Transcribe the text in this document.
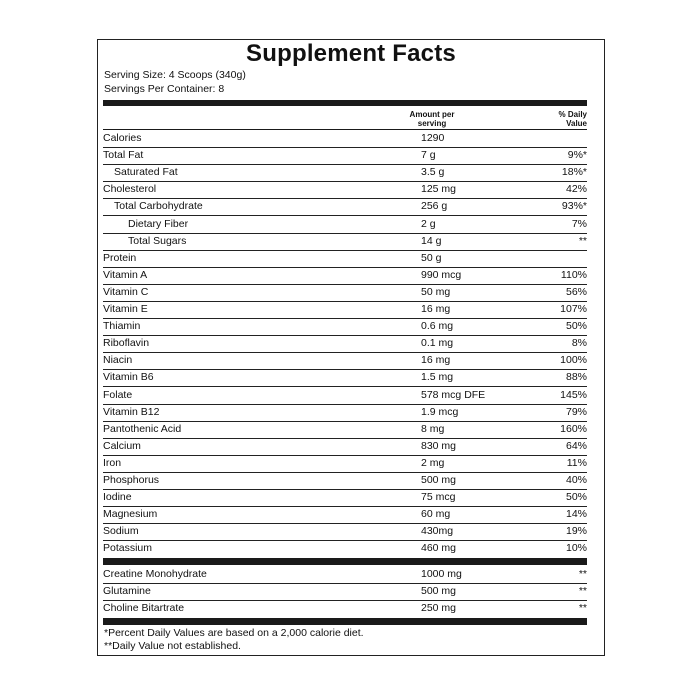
Supplement Facts
Serving Size: 4 Scoops (340g)
Servings Per Container: 8
Amount per serving
% Daily Value
Calories	1290
Total Fat	7 g	9%*
Saturated Fat	3.5 g	18%*
Cholesterol	125 mg	42%
Total Carbohydrate	256 g	93%*
Dietary Fiber	2 g	7%
Total Sugars	14 g	**
Protein	50 g
Vitamin A	990 mcg	110%
Vitamin C	50 mg	56%
Vitamin E	16 mg	107%
Thiamin	0.6 mg	50%
Riboflavin	0.1 mg	8%
Niacin	16 mg	100%
Vitamin B6	1.5 mg	88%
Folate	578 mcg DFE	145%
Vitamin B12	1.9 mcg	79%
Pantothenic Acid	8 mg	160%
Calcium	830 mg	64%
Iron	2 mg	11%
Phosphorus	500 mg	40%
Iodine	75 mcg	50%
Magnesium	60 mg	14%
Sodium	430mg	19%
Potassium	460 mg	10%
Creatine Monohydrate	1000 mg	**
Glutamine	500 mg	**
Choline Bitartrate	250 mg	**
*Percent Daily Values are based on a 2,000 calorie diet.
**Daily Value not established.
